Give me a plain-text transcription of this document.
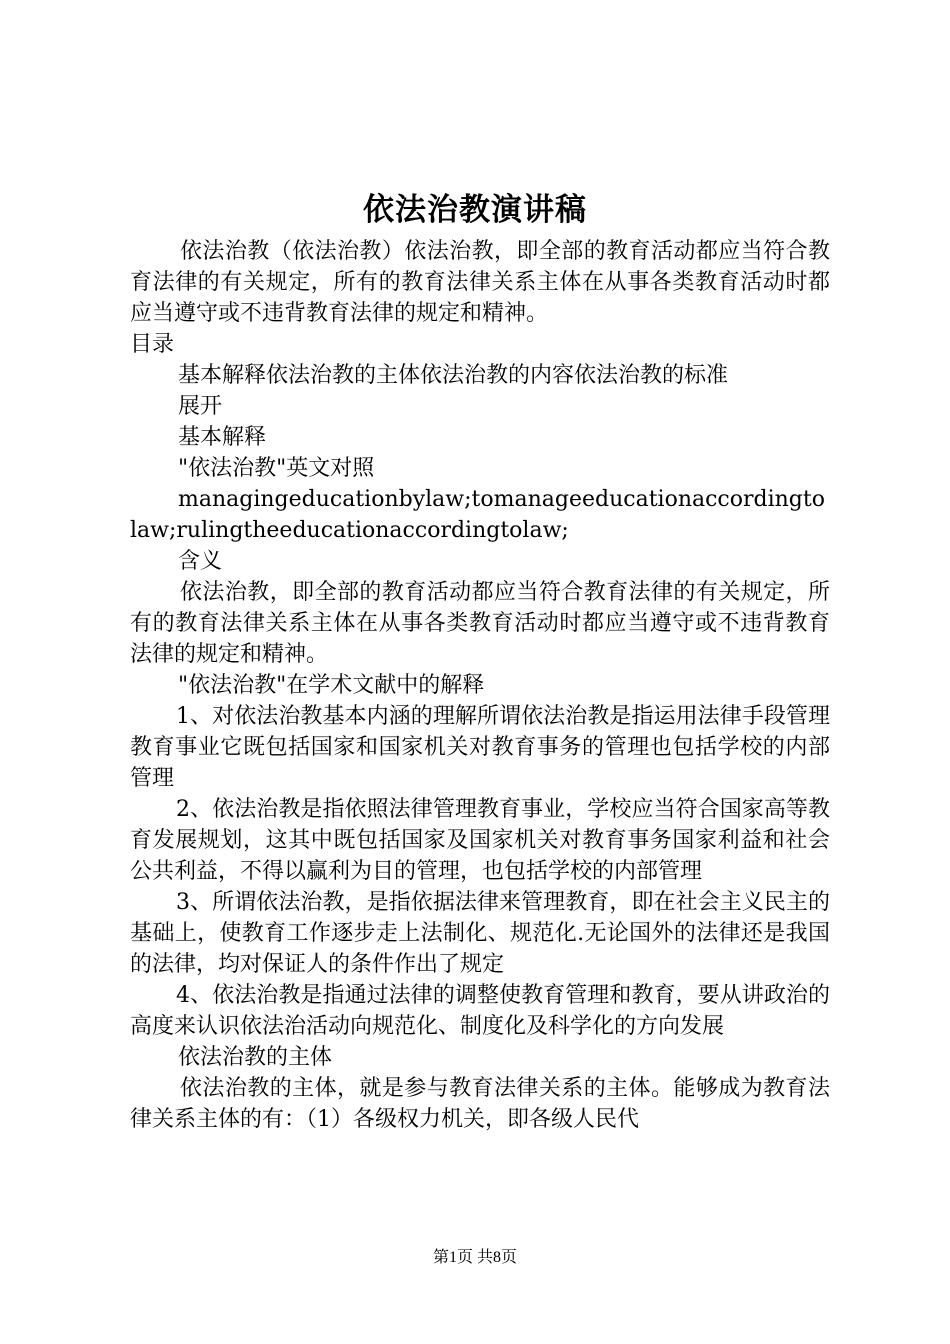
依法治教演讲稿

依法治教（依法治教）依法治教，即全部的教育活动都应当符合教育法律的有关规定，所有的教育法律关系主体在从事各类教育活动时都应当遵守或不违背教育法律的规定和精神。

目录

基本解释依法治教的主体依法治教的内容依法治教的标准

展开

基本解释

"依法治教"英文对照

managingeducationbylaw;tomanageeducationaccordingtolaw;rulingtheeducationaccordingtolaw;

含义

依法治教，即全部的教育活动都应当符合教育法律的有关规定，所有的教育法律关系主体在从事各类教育活动时都应当遵守或不违背教育法律的规定和精神。

"依法治教"在学术文献中的解释

1、对依法治教基本内涵的理解所谓依法治教是指运用法律手段管理教育事业它既包括国家和国家机关对教育事务的管理也包括学校的内部管理

2、依法治教是指依照法律管理教育事业，学校应当符合国家高等教育发展规划，这其中既包括国家及国家机关对教育事务国家利益和社会公共利益，不得以赢利为目的管理，也包括学校的内部管理

3、所谓依法治教，是指依据法律来管理教育，即在社会主义民主的基础上，使教育工作逐步走上法制化、规范化.无论国外的法律还是我国的法律，均对保证人的条件作出了规定

4、依法治教是指通过法律的调整使教育管理和教育，要从讲政治的高度来认识依法治活动向规范化、制度化及科学化的方向发展

依法治教的主体

依法治教的主体，就是参与教育法律关系的主体。能够成为教育法律关系主体的有：（1）各级权力机关，即各级人民代

第1页 共8页
